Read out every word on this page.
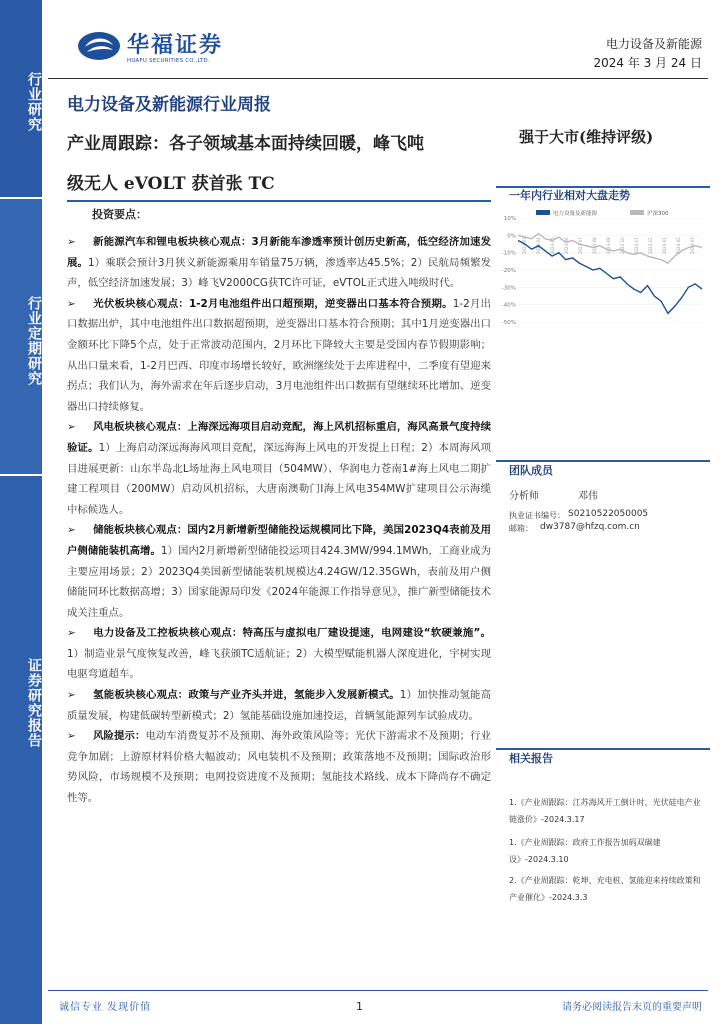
行业研究
行业定期研究
证券研究报告
华福证券
HUAFU SECURITIES CO.,LTD.
电力设备及新能源
2024 年 3 月 24 日
电力设备及新能源行业周报
产业周跟踪：各子领域基本面持续回暖，峰飞吨
级无人 eVOLT 获首张 TC
强于大市(维持评级)
投资要点：

➢ 新能源汽车和锂电板块核心观点：3月新能车渗透率预计创历史新高，低空经济加速发展。1）乘联会预计3月狭义新能源乘用车销量75万辆，渗透率达45.5%；2）民航局频繁发声，低空经济加速发展；3）峰飞V2000CG获TC许可证，eVTOL正式进入吨级时代。

➢ 光伏板块核心观点：1-2月电池组件出口超预期，逆变器出口基本符合预期。1-2月出口数据出炉，其中电池组件出口数据超预期，逆变器出口基本符合预期；其中1月逆变器出口金额环比下降5个点，处于正常波动范围内，2月环比下降较大主要是受国内春节假期影响；从出口量来看，1-2月巴西、印度市场增长较好，欧洲继续处于去库进程中，二季度有望迎来拐点；我们认为，海外需求在年后逐步启动，3月电池组件出口数据有望继续环比增加、逆变器出口持续修复。

➢ 风电板块核心观点：上海深远海项目启动竞配，海上风机招标重启，海风高景气度持续验证。1）上海启动深远海海风项目竞配，深远海海上风电的开发提上日程；2）本周海风项目进展更新：山东半岛北L场址海上风电项目（504MW）、华润电力苍南1#海上风电二期扩建工程项目（200MW）启动风机招标，大唐南澳勒门I海上风电354MW扩建项目公示海缆中标候选人。

➢ 储能板块核心观点：国内2月新增新型储能投运规模同比下降，美国2023Q4表前及用户侧储能装机高增。1）国内2月新增新型储能投运项目424.3MW/994.1MWh，工商业成为主要应用场景；2）2023Q4美国新型储能装机规模达4.24GW/12.35GWh，表前及用户侧储能同环比数据高增；3）国家能源局印发《2024年能源工作指导意见》，推广新型储能技术成关注重点。

➢ 电力设备及工控板块核心观点：特高压与虚拟电厂建设提速，电网建设“软硬兼施”。1）制造业景气度恢复改善，峰飞获颁TC适航证；2）大模型赋能机器人深度进化，宇树实现电驱弯道超车。

➢ 氢能板块核心观点：政策与产业齐头并进，氢能步入发展新模式。1）加快推动氢能高质量发展，构建低碳转型新模式；2）氢能基础设施加速投运，首辆氢能源列车试验成功。

➢ 风险提示：电动车消费复苏不及预期、海外政策风险等；光伏下游需求不及预期；行业竞争加剧；上游原材料价格大幅波动；风电装机不及预期；政策落地不及预期；国际政治形势风险，市场规模不及预期；电网投资进度不及预期；氢能技术路线、成本下降尚存不确定性等。

一年内行业相对大盘走势
电力设备及新能源	沪深300
10%
0%
-10%
-20%
-30%
-40%
-50%
2023-03 2023-04 2023-05 2023-06 2023-07 2023-08 2023-09 2023-10 2023-11 2023-12 2024-01 2024-02 2024-03
团队成员
分析师	邓伟
执业证书编号： S0210522050005
邮箱： dw3787@hfzq.com.cn
相关报告
1.《产业周跟踪：江苏海风开工倒计时，光伏硅电产业链涨价》-2024.3.17
1.《产业周跟踪：政府工作报告加码双碳建设》-2024.3.10
2.《产业周跟踪：乾坤、充电桩、氢能迎来持续政策和产业催化》-2024.3.3
诚信专业 发现价值	1	请务必阅读报告末页的重要声明
